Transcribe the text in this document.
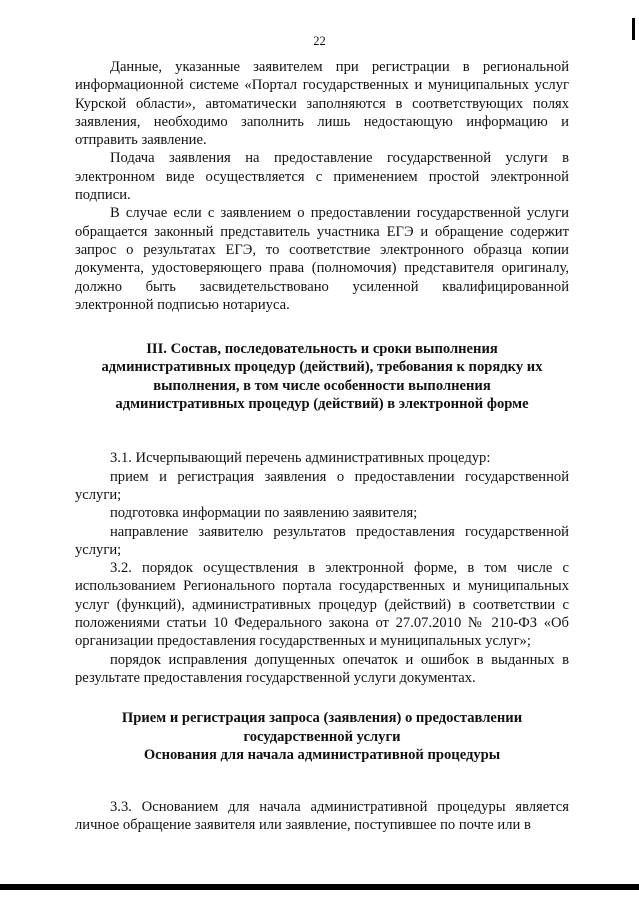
22

Данные, указанные заявителем при регистрации в региональной информационной системе «Портал государственных и муниципальных услуг Курской области», автоматически заполняются в соответствующих полях заявления, необходимо заполнить лишь недостающую информацию и отправить заявление.

Подача заявления на предоставление государственной услуги в электронном виде осуществляется с применением простой электронной подписи.

В случае если с заявлением о предоставлении государственной услуги обращается законный представитель участника ЕГЭ и обращение содержит запрос о результатах ЕГЭ, то соответствие электронного образца копии документа, удостоверяющего права (полномочия) представителя оригиналу, должно быть засвидетельствовано усиленной квалифицированной электронной подписью нотариуса.

III. Состав, последовательность и сроки выполнения административных процедур (действий), требования к порядку их выполнения, в том числе особенности выполнения административных процедур (действий) в электронной форме

3.1. Исчерпывающий перечень административных процедур:

прием и регистрация заявления о предоставлении государственной услуги;

подготовка информации по заявлению заявителя;

направление заявителю результатов предоставления государственной услуги;

3.2. порядок осуществления в электронной форме, в том числе с использованием Регионального портала государственных и муниципальных услуг (функций), административных процедур (действий) в соответствии с положениями статьи 10 Федерального закона от 27.07.2010 № 210-ФЗ «Об организации предоставления государственных и муниципальных услуг»;

порядок исправления допущенных опечаток и ошибок в выданных в результате предоставления государственной услуги документах.

Прием и регистрация запроса (заявления) о предоставлении государственной услуги

Основания для начала административной процедуры

3.3. Основанием для начала административной процедуры является личное обращение заявителя или заявление, поступившее по почте или в
